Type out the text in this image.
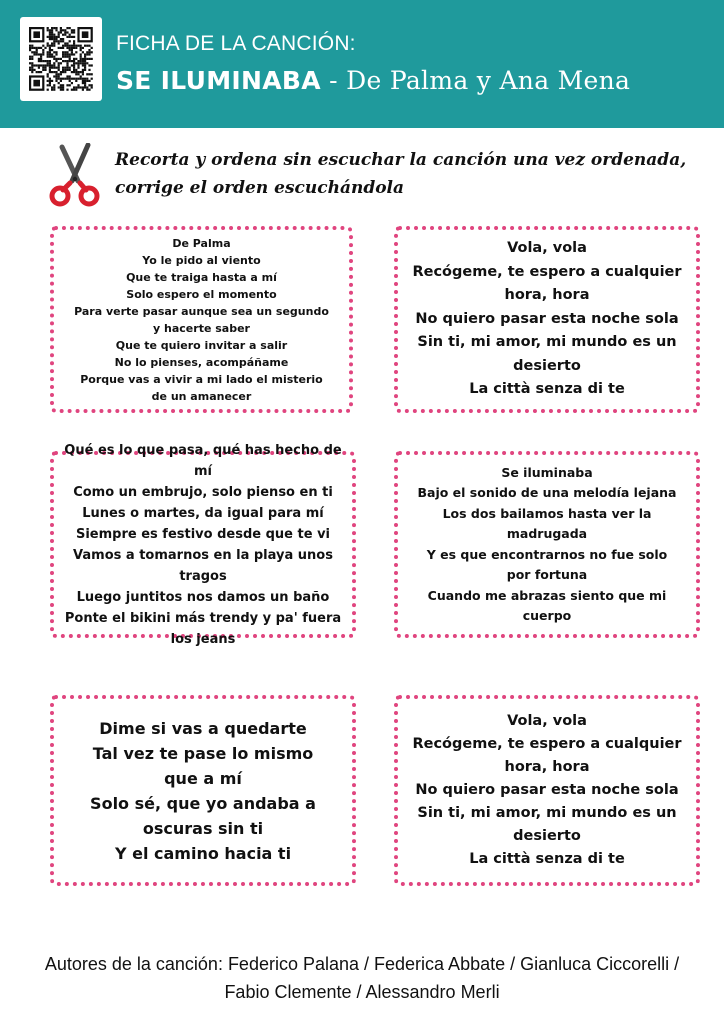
FICHA DE LA CANCIÓN:
SE ILUMINABA - De Palma y Ana Mena
Recorta y ordena sin escuchar la canción una vez ordenada, corrige el orden escuchándola
De Palma
Yo le pido al viento
Que te traiga hasta a mí
Solo espero el momento
Para verte pasar aunque sea un segundo y hacerte saber
Que te quiero invitar a salir
No lo pienses, acompáñame
Porque vas a vivir a mi lado el misterio de un amanecer
Vola, vola
Recógeme, te espero a cualquier hora, hora
No quiero pasar esta noche sola
Sin ti, mi amor, mi mundo es un desierto
La città senza di te
Qué es lo que pasa, qué has hecho de mí
Como un embrujo, solo pienso en ti
Lunes o martes, da igual para mí
Siempre es festivo desde que te vi
Vamos a tomarnos en la playa unos tragos
Luego juntitos nos damos un baño
Ponte el bikini más trendy y pa' fuera los jeans
Se iluminaba
Bajo el sonido de una melodía lejana
Los dos bailamos hasta ver la madrugada
Y es que encontrarnos no fue solo por fortuna
Cuando me abrazas siento que mi cuerpo
Dime si vas a quedarte
Tal vez te pase lo mismo que a mí
Solo sé, que yo andaba a oscuras sin ti
Y el camino hacia ti
Vola, vola
Recógeme, te espero a cualquier hora, hora
No quiero pasar esta noche sola
Sin ti, mi amor, mi mundo es un desierto
La città senza di te
Autores de la canción: Federico Palana / Federica Abbate / Gianluca Ciccorelli / Fabio Clemente / Alessandro Merli
